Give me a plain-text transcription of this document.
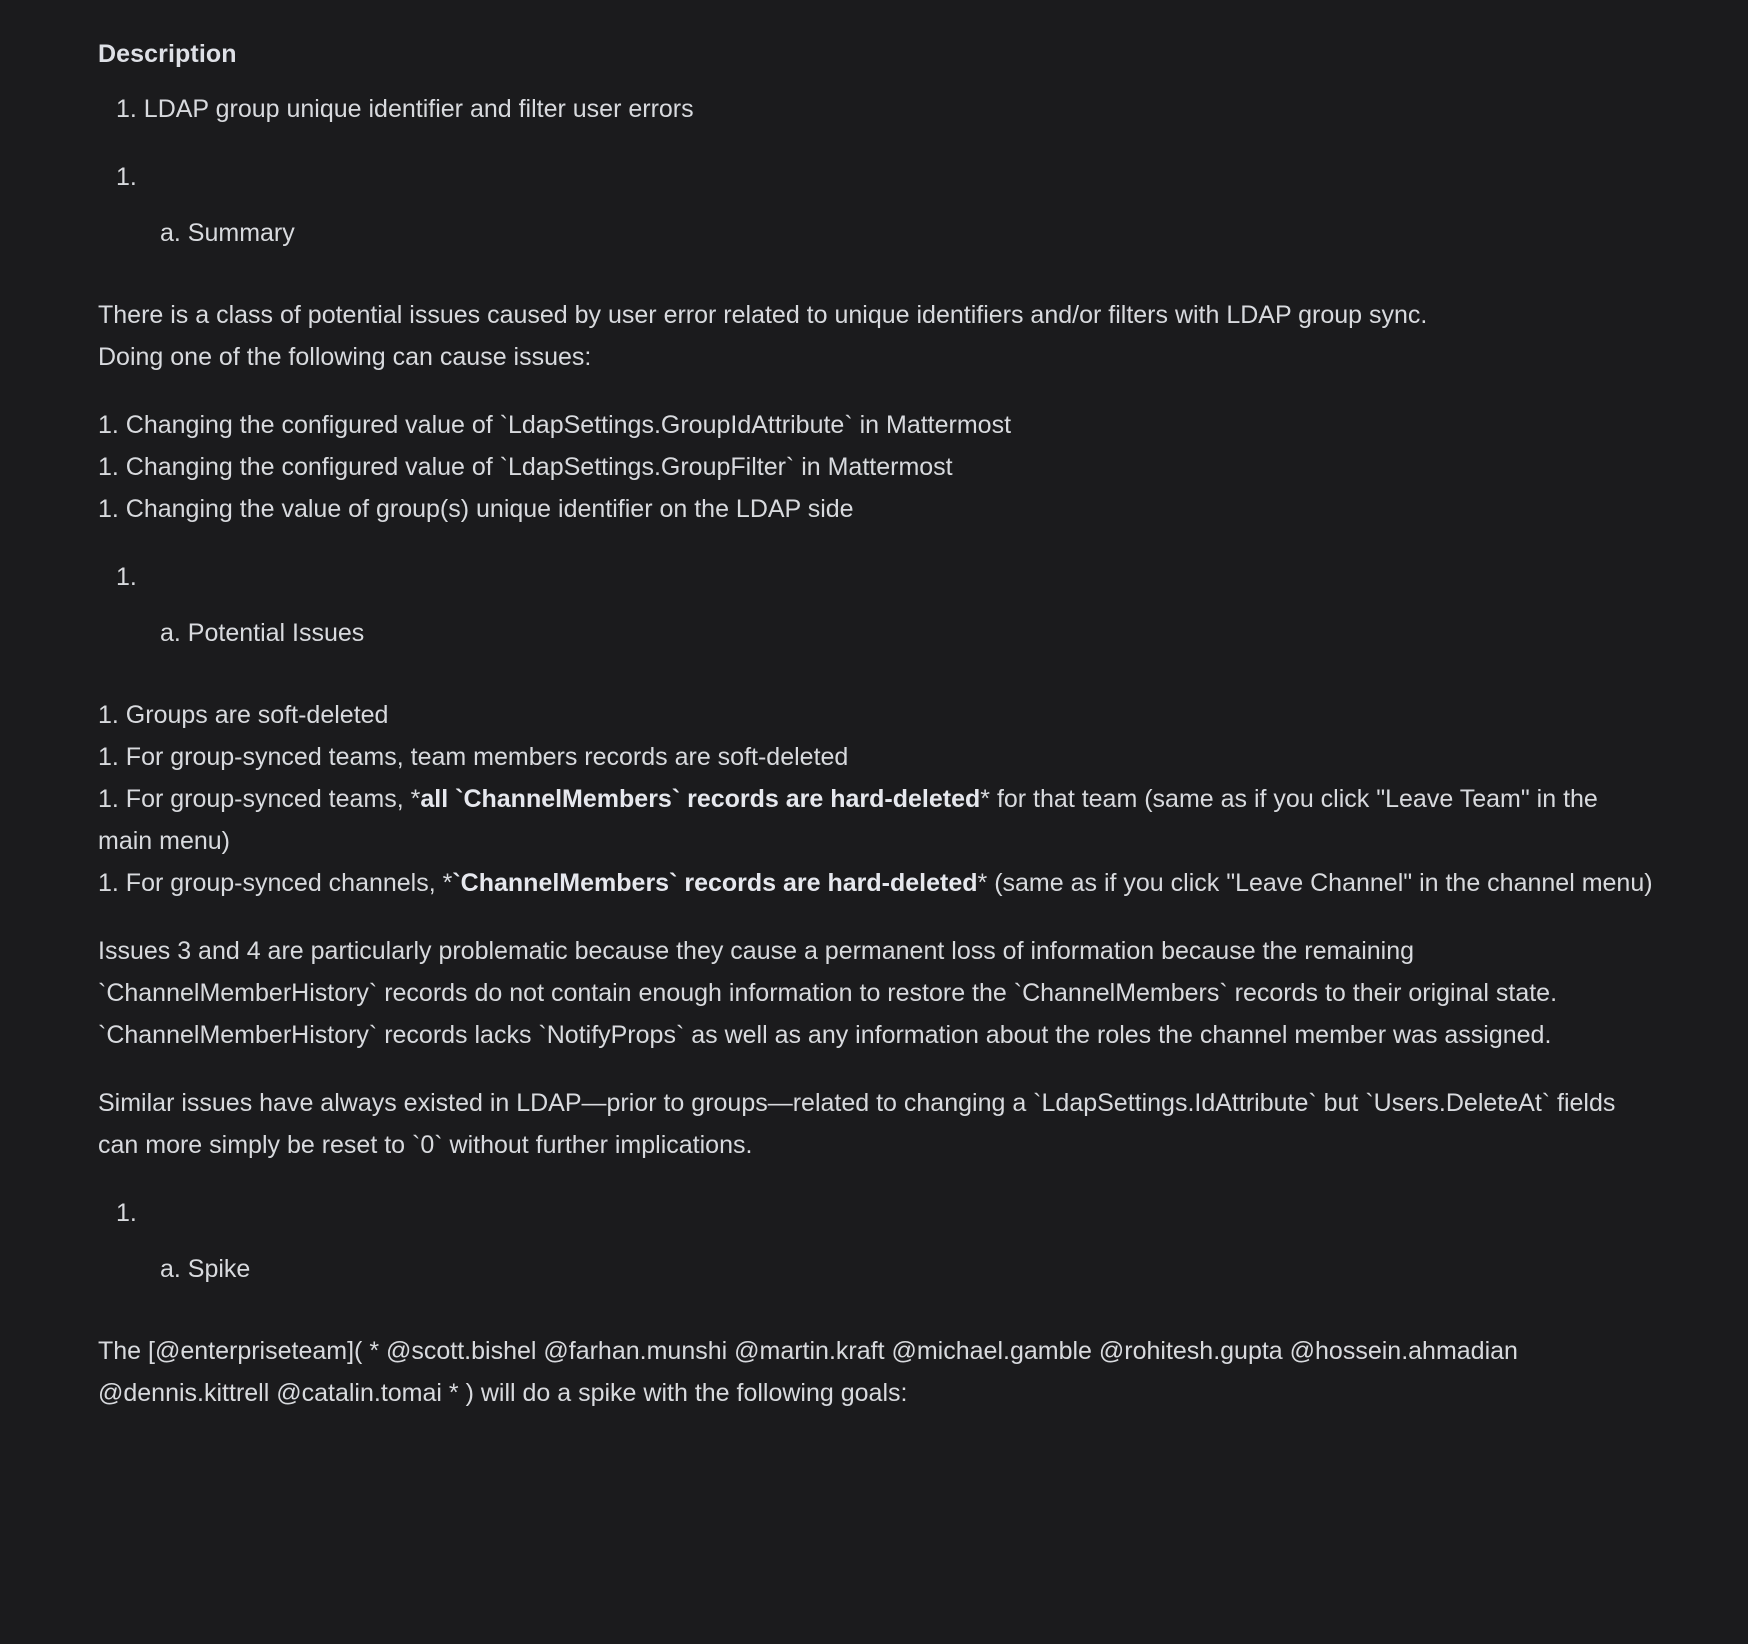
Description
1. LDAP group unique identifier and filter user errors
1.
a. Summary
There is a class of potential issues caused by user error related to unique identifiers and/or filters with LDAP group sync.
Doing one of the following can cause issues:
1. Changing the configured value of `LdapSettings.GroupIdAttribute` in Mattermost
1. Changing the configured value of `LdapSettings.GroupFilter` in Mattermost
1. Changing the value of group(s) unique identifier on the LDAP side
1.
a. Potential Issues
1. Groups are soft-deleted
1. For group-synced teams, team members records are soft-deleted
1. For group-synced teams, *all `ChannelMembers` records are hard-deleted* for that team (same as if you click "Leave Team" in the main menu)
1. For group-synced channels, *`ChannelMembers` records are hard-deleted* (same as if you click "Leave Channel" in the channel menu)
Issues 3 and 4 are particularly problematic because they cause a permanent loss of information because the remaining `ChannelMemberHistory` records do not contain enough information to restore the `ChannelMembers` records to their original state. `ChannelMemberHistory` records lacks `NotifyProps` as well as any information about the roles the channel member was assigned.
Similar issues have always existed in LDAP—prior to groups—related to changing a `LdapSettings.IdAttribute` but `Users.DeleteAt` fields can more simply be reset to `0` without further implications.
1.
a. Spike
The [@enterpriseteam]( * @scott.bishel @farhan.munshi @martin.kraft @michael.gamble @rohitesh.gupta @hossein.ahmadian @dennis.kittrell @catalin.tomai * ) will do a spike with the following goals:
